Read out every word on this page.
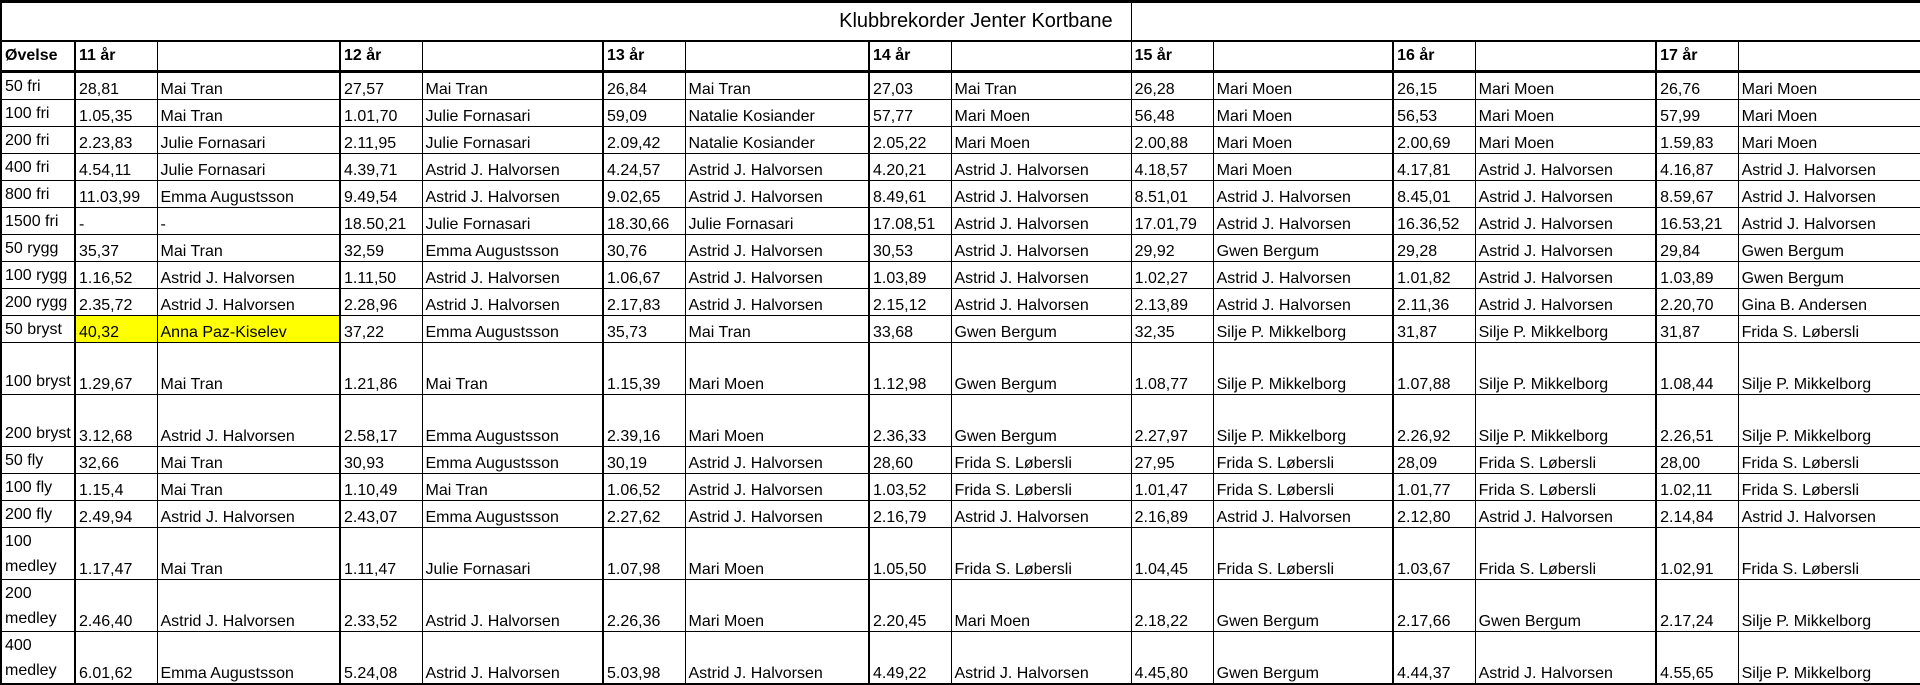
Klubbrekorder Jenter Kortbane														
Øvelse	11 år		12 år		13 år		14 år		15 år		16 år		17 år	
50 fri	28,81	Mai Tran	27,57	Mai Tran	26,84	Mai Tran	27,03	Mai Tran	26,28	Mari Moen	26,15	Mari Moen	26,76	Mari Moen
100 fri	1.05,35	Mai Tran	1.01,70	Julie Fornasari	59,09	Natalie Kosiander	57,77	Mari Moen	56,48	Mari Moen	56,53	Mari Moen	57,99	Mari Moen
200 fri	2.23,83	Julie Fornasari	2.11,95	Julie Fornasari	2.09,42	Natalie Kosiander	2.05,22	Mari Moen	2.00,88	Mari Moen	2.00,69	Mari Moen	1.59,83	Mari Moen
400 fri	4.54,11	Julie Fornasari	4.39,71	Astrid J. Halvorsen	4.24,57	Astrid J. Halvorsen	4.20,21	Astrid J. Halvorsen	4.18,57	Mari Moen	4.17,81	Astrid J. Halvorsen	4.16,87	Astrid J. Halvorsen
800 fri	11.03,99	Emma Augustsson	9.49,54	Astrid J. Halvorsen	9.02,65	Astrid J. Halvorsen	8.49,61	Astrid J. Halvorsen	8.51,01	Astrid J. Halvorsen	8.45,01	Astrid J. Halvorsen	8.59,67	Astrid J. Halvorsen
1500 fri	-	-	18.50,21	Julie Fornasari	18.30,66	Julie Fornasari	17.08,51	Astrid J. Halvorsen	17.01,79	Astrid J. Halvorsen	16.36,52	Astrid J. Halvorsen	16.53,21	Astrid J. Halvorsen
50 rygg	35,37	Mai Tran	32,59	Emma Augustsson	30,76	Astrid J. Halvorsen	30,53	Astrid J. Halvorsen	29,92	Gwen Bergum	29,28	Astrid J. Halvorsen	29,84	Gwen Bergum
100 rygg	1.16,52	Astrid J. Halvorsen	1.11,50	Astrid J. Halvorsen	1.06,67	Astrid J. Halvorsen	1.03,89	Astrid J. Halvorsen	1.02,27	Astrid J. Halvorsen	1.01,82	Astrid J. Halvorsen	1.03,89	Gwen Bergum
200 rygg	2.35,72	Astrid J. Halvorsen	2.28,96	Astrid J. Halvorsen	2.17,83	Astrid J. Halvorsen	2.15,12	Astrid J. Halvorsen	2.13,89	Astrid J. Halvorsen	2.11,36	Astrid J. Halvorsen	2.20,70	Gina B. Andersen
50 bryst	40,32	Anna Paz-Kiselev	37,22	Emma Augustsson	35,73	Mai Tran	33,68	Gwen Bergum	32,35	Silje P. Mikkelborg	31,87	Silje P. Mikkelborg	31,87	Frida S. Løbersli
100 bryst	1.29,67	Mai Tran	1.21,86	Mai Tran	1.15,39	Mari Moen	1.12,98	Gwen Bergum	1.08,77	Silje P. Mikkelborg	1.07,88	Silje P. Mikkelborg	1.08,44	Silje P. Mikkelborg
200 bryst	3.12,68	Astrid J. Halvorsen	2.58,17	Emma Augustsson	2.39,16	Mari Moen	2.36,33	Gwen Bergum	2.27,97	Silje P. Mikkelborg	2.26,92	Silje P. Mikkelborg	2.26,51	Silje P. Mikkelborg
50 fly	32,66	Mai Tran	30,93	Emma Augustsson	30,19	Astrid J. Halvorsen	28,60	Frida S. Løbersli	27,95	Frida S. Løbersli	28,09	Frida S. Løbersli	28,00	Frida S. Løbersli
100 fly	1.15,4	Mai Tran	1.10,49	Mai Tran	1.06,52	Astrid J. Halvorsen	1.03,52	Frida S. Løbersli	1.01,47	Frida S. Løbersli	1.01,77	Frida S. Løbersli	1.02,11	Frida S. Løbersli
200 fly	2.49,94	Astrid J. Halvorsen	2.43,07	Emma Augustsson	2.27,62	Astrid J. Halvorsen	2.16,79	Astrid J. Halvorsen	2.16,89	Astrid J. Halvorsen	2.12,80	Astrid J. Halvorsen	2.14,84	Astrid J. Halvorsen
100 medley	1.17,47	Mai Tran	1.11,47	Julie Fornasari	1.07,98	Mari Moen	1.05,50	Frida S. Løbersli	1.04,45	Frida S. Løbersli	1.03,67	Frida S. Løbersli	1.02,91	Frida S. Løbersli
200 medley	2.46,40	Astrid J. Halvorsen	2.33,52	Astrid J. Halvorsen	2.26,36	Mari Moen	2.20,45	Mari Moen	2.18,22	Gwen Bergum	2.17,66	Gwen Bergum	2.17,24	Silje P. Mikkelborg
400 medley	6.01,62	Emma Augustsson	5.24,08	Astrid J. Halvorsen	5.03,98	Astrid J. Halvorsen	4.49,22	Astrid J. Halvorsen	4.45,80	Gwen Bergum	4.44,37	Astrid J. Halvorsen	4.55,65	Silje P. Mikkelborg
